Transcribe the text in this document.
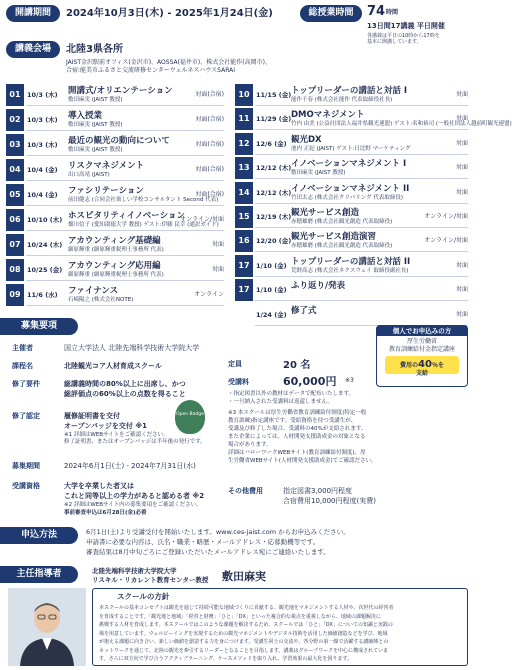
開講期間	2024年10月3日(木) - 2025年1月24日(金)	総授業時間	74 時間
13日間17講義 平日開催
各講義は平日の10時から17時を
基本に開講しています。
講義会場	北陸3県各所
JAIST金沢駅前オフィス(金沢市)、AOSSA(福井市)、株式会社能作(高岡市)、
合宿:能美市ふるさと交流研修センターウェルネスハウスSARAI
01 10/3 (木) 開講式/オリエンテーション
敷田麻実 (JAIST 教授)
対面(合宿)
02 10/3 (木) 導入授業
敷田麻実 (JAIST 教授)
対面(合宿)
03 10/3 (木) 最近の観光の動向について
敷田麻実 (JAIST 教授)
対面(合宿)
04 10/4 (金) リスクマネジメント
出口高靖 (JAIST)
対面(合宿)
05 10/4 (金) ファシリテーション
前田健志 (合同会社楽しい学校コンサルタント Second 代表)
対面(合宿)
06 10/10 (木) ホスピタリティイノベーション
畑川信子 (愛知淑徳大学 教授) ゲスト:伊藤 民幸 (通訳ガイド)
オンライン/対面
07 10/24 (木) アカウンティング基礎編
細原輝重 (細原輝重税理士事務所 代表)
対面
08 10/25 (金) アカウンティング応用編
細原輝重 (細原輝重税理士事務所 代表)
対面
09 11/6 (水) ファイナンス
石崎陽之 (株式会社NOTE)
オンライン
10 11/15 (金) トップリーダーの講話と対話 I
能作千春 (株式会社能作 代表取締役社長)
対面
11 11/29 (金) DMOマネジメント
竹内 由美 (公益社団法人福井県観光連盟) ゲスト:名和裕司 (一般社団法人越前町観光連盟)
対面
12 12/6 (金) 観光DX
池内 正紀 (JAIST) ゲスト:日比野 マーケティング
対面
13 12/12 (木) イノベーションマネジメント I
敷田麻実 (JAIST 教授)
対面
14 12/12 (木) イノベーションマネジメント II
竹田太志 (株式会社クリパリング 代表取締役)
対面
15 12/19 (木) 観光サービス創造
赤穂雄磨 (株式会社観光創造 代表取締役)
オンライン/対面
16 12/20 (金) 観光サービス創造演習
赤穂雄磨 (株式会社観光創造 代表取締役)
オンライン/対面
17 1/10 (金) トップリーダーの講話と対話 II
荒野高志 (株式会社ネクスウェイ 取締役副社長)
対面
17 1/10 (金) ふり返り/発表	対面
1/24 (金) 修了式	対面
募集要項	個人でお申込みの方
厚生労働省
教育訓練給付金指定講座
費用の40％を
支給
主催者	国立大学法人 北陸先端科学技術大学院大学
課程名	北陸観光コア人材育成スクール	定員	20 名
受講料	60,000円 ※3
修了要件	総講義時間の80%以上に出席し、かつ
総評価点の60%以上の点数を得ること
修了認定	履修証明書を交付
オープンバッジを交付 ※1
※1 詳細はWEBサイトをご確認ください。
修了証明書、またはオープンバッジは半年後の発行です。
Open Badge
・指定図書以外の教材はデータで配布いたします。
・一旦納入された受講料は返還しません。
※3 本スクールは厚生労働省教育訓練給付制度(特定一般
教育訓練)指定講座です。受給資格を持つ受講生が、
受講及び修了した場合、受講料の40%が支給されます。
また企業によっては、人材開発支援助成金の対象となる
場合があります。
詳細はハローワークWEBサイト(教育訓練給付制度)、厚
生労働省WEBサイト(人材開発支援助成金)でご確認ださい。
募集期間	2024年6月1日(土) - 2024年7月31日(水)
受講資格	大学を卒業した者又は
これと同等以上の学力があると認める者 ※2
※2 詳細はWEBサイト内の募集要項をご確認ください。
事前審査申込は6月28日(金)必着
その他費用	指定図書3,000円程度
合宿費用10,000円程度(実費)
申込方法	6月1日(土)より受講受付を開始いたします。www.ces-jaist.com からお申込みください。
申請書に必要な内容は、氏名・職業・略歴・メールアドレス・応募動機等です。
審査結果は8月中旬ごろにご登録いただいたメールアドレス宛にご連絡いたします。
主任指導者	北陸先端科学技術大学院大学
リスキル・リカレント教育センター教授 敷田麻実
スクールの方針
本スクールの基本コンセプトは観光を通じて持続可能な地域づくりに貢献する、観光地をマネジメントする人材や、次世代の経営者
を育成することです。「観光地と地域」「経営と財務」「ひと」「DX」といった複合的な視点を重視しながら、地域の課題解決に
挑戦する人材を育成します。本スクールではこのような課題を解決するため、スクールでは「ひと」「DX」についての知識と実践の
場を用意しています。ウェルビーイングを実現するための観光マネジメントやデジタル技術を活用した価値創造などを学び、地域
が抱える課題に向き合い、新しい価値を創造する力を身につけます。受講生同士の交流や、各分野の第一線で活躍する講師陣との
ネットワークを通じて、北陸の観光を牽引するリーダーとなることを目指します。講義はグループワークを中心に構成されていま
す。さらに双方向で学び合うアクティブラーニング、ケースメソッドを取り入れ、学習効果の最大化を図ります。
